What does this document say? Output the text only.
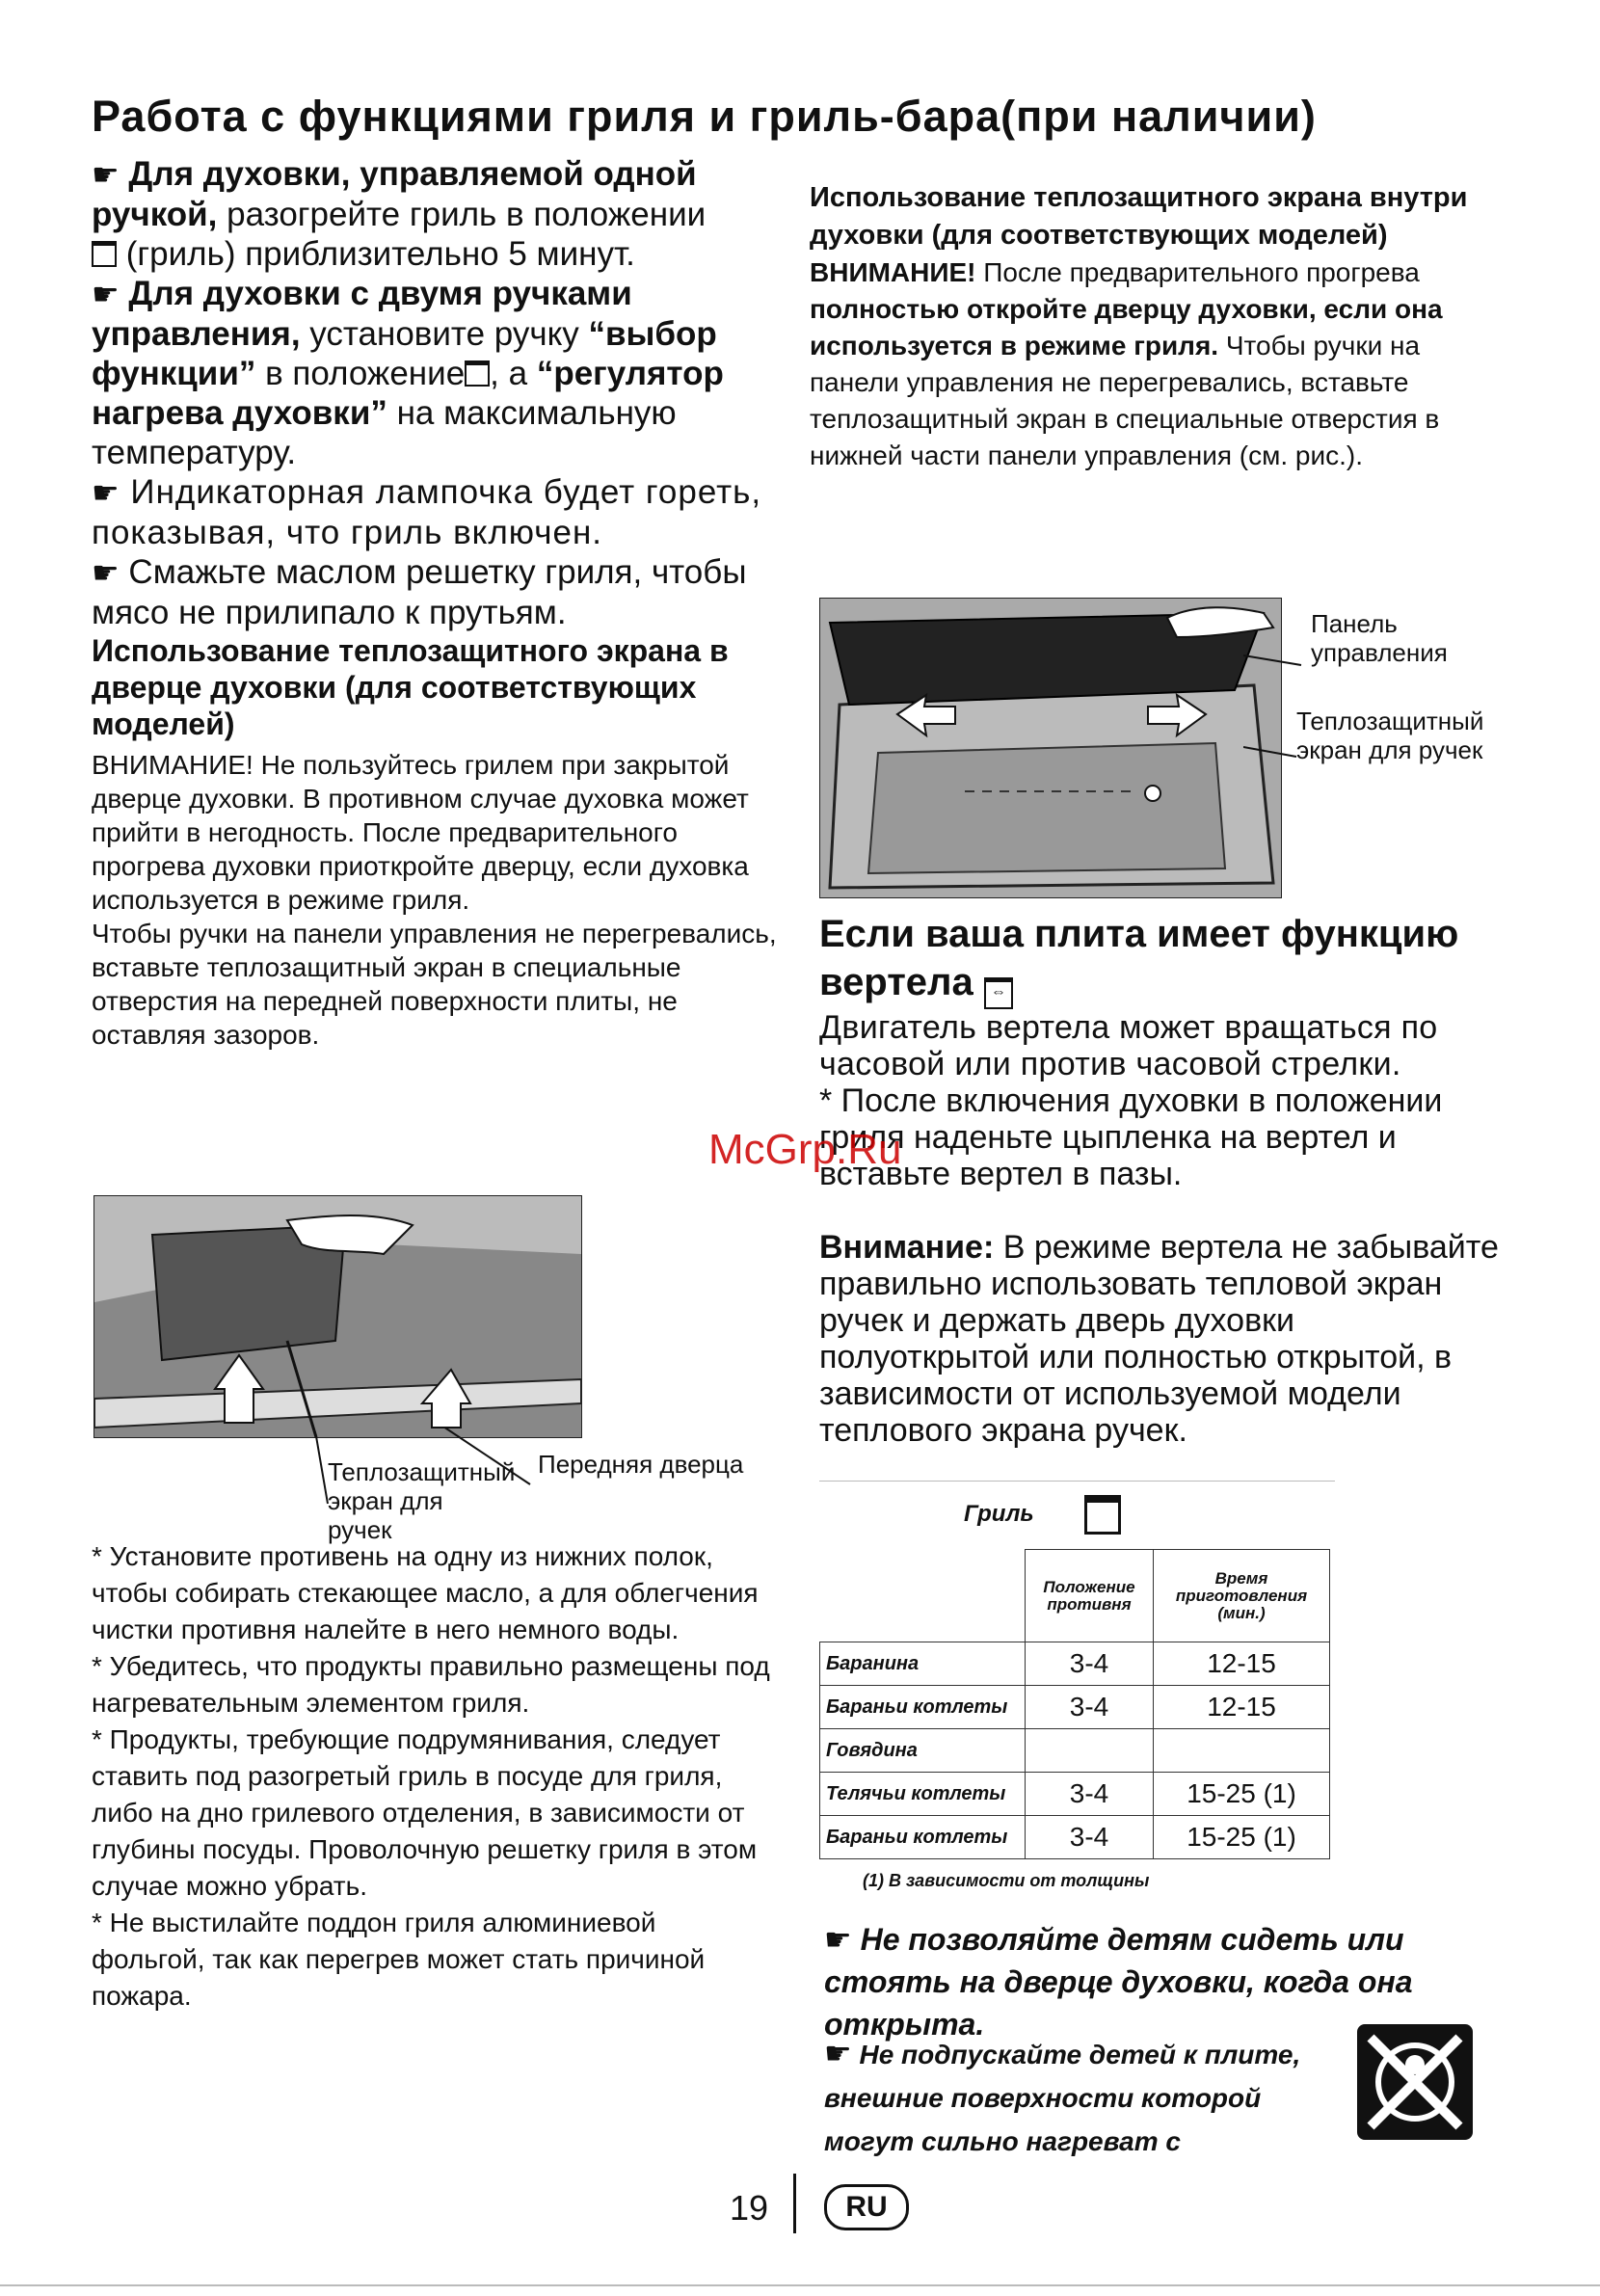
Работа с функциями гриля и гриль-бара(при наличии)

☛ Для духовки, управляемой одной ручкой, разогрейте гриль в положении
(гриль) приблизительно 5 минут.

☛ Для духовки с двумя ручками управления, установите ручку “выбор функции” в положение , а “регулятор нагрева духовки” на максимальную температуру.

☛ Индикаторная лампочка будет гореть, показывая, что гриль включен.

☛ Смажьте маслом решетку гриля, чтобы мясо не прилипало к прутьям.

Использование теплозащитного экрана в дверце духовки (для соответствующих моделей)

ВНИМАНИЕ! Не пользуйтесь грилем при закрытой дверце духовки. В противном случае духовка может прийти в негодность. После предварительного прогрева духовки приоткройте дверцу, если духовка используется в режиме гриля.

Чтобы ручки на панели управления не перегревались, вставьте теплозащитный экран в специальные отверстия на передней поверхности плиты, не оставляя зазоров.

Теплозащитный экран для ручек
Передняя дверца

* Установите противень на одну из нижних полок, чтобы собирать стекающее масло, а для облегчения чистки противня налейте в него немного воды.

* Убедитесь, что продукты правильно размещены под нагревательным элементом гриля.

* Продукты, требующие подрумянивания, следует ставить под разогретый гриль в посуде для гриля, либо на дно грилевого отделения, в зависимости от глубины посуды. Проволочную решетку гриля в этом случае можно убрать.

* Не выстилайте поддон гриля алюминиевой фольгой, так как перегрев может стать причиной пожара.

Использование теплозащитного экрана внутри духовки (для соответствующих моделей)

ВНИМАНИЕ! После предварительного прогрева полностью откройте дверцу духовки, если она используется в режиме гриля. Чтобы ручки на панели управления не перегревались, вставьте теплозащитный экран в специальные отверстия в нижней части панели управления (см. рис.).

Панель управления
Теплозащитный экран для ручек
Если ваша плита имеет функцию вертела ⇔

Двигатель вертела может вращаться по часовой или против часовой стрелки.

* После включения духовки в положении гриля наденьте цыпленка на вертел и вставьте вертел в пазы.

Внимание: В режиме вертела не забывайте правильно использовать тепловой экран ручек и держать дверь духовки полуоткрытой или полностью открытой, в зависимости от используемой модели теплового экрана ручек.

Гриль
	Положение противня	Время приготовления (мин.)
Баранина	3-4	12-15
Бараньи котлеты	3-4	12-15
Говядина		
Телячьи котлеты	3-4	15-25 (1)
Бараньи котлеты	3-4	15-25 (1)
(1) В зависимости от толщины
☛ Не позволяйте детям сидеть или стоять на дверце духовки, когда она открыта.
☛ Не подпускайте детей к плите, внешние поверхности которой могут сильно нагреват с
McGrp.Ru
19	RU
